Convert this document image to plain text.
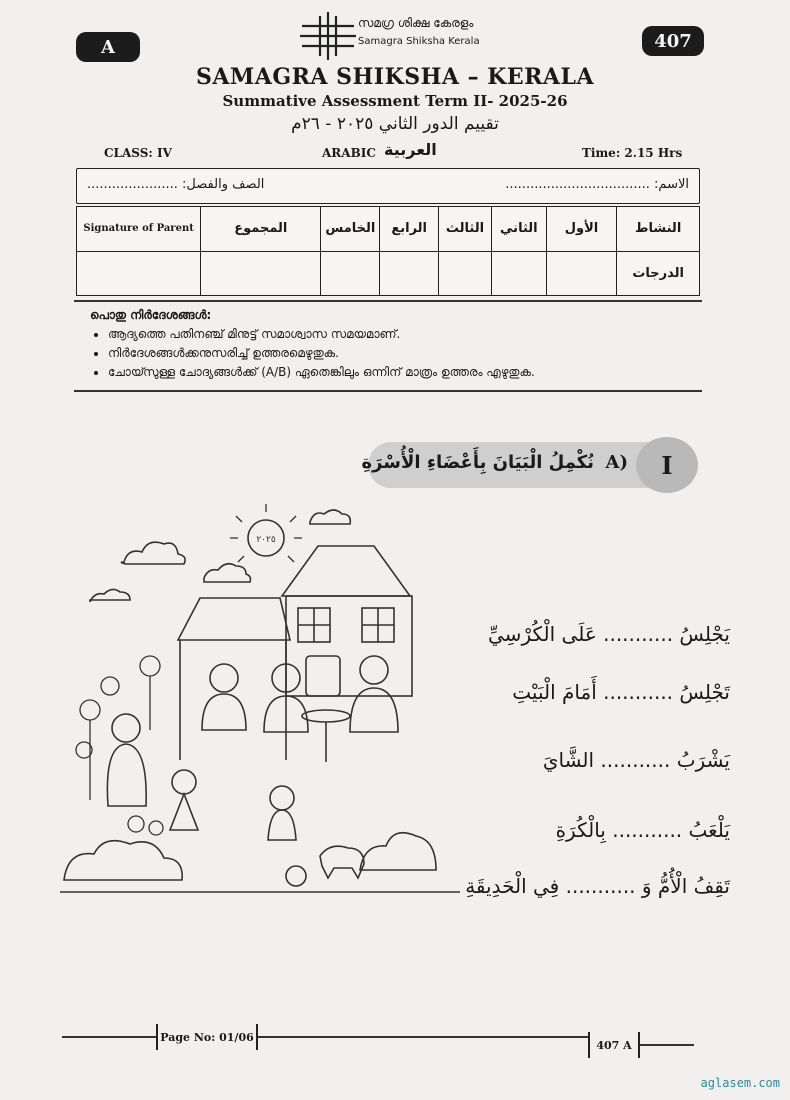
A	407
സമഗ്ര ശിക്ഷ കേരളം
Samagra Shiksha Kerala
SAMAGRA SHIKSHA – KERALA
Summative Assessment Term II- 2025-26
تقييم الدور الثاني ٢٠٢٥ - ٢٦م
CLASS: IV	ARABIC العربية	Time: 2.15 Hrs
الاسم: ...................................
الصف والفصل: ......................
Signature of Parent	المجموع	الخامس	الرابع	الثالث	الثاني	الأول	النشاط
							الدرجات
പൊതു നിർദേശങ്ങൾ:
• ആദ്യത്തെ പതിനഞ്ച് മിനുട്ട് സമാശ്വാസ സമയമാണ്.
• നിർദേശങ്ങൾക്കനുസരിച്ച് ഉത്തരമെഴുതുക.
• ചോയ്സുള്ള ചോദ്യങ്ങൾക്ക് (A/B) ഏതെങ്കിലും ഒന്നിന് മാത്രം ഉത്തരം എഴുതുക.
نُكْمِلُ الْبَيَانَ بِأَعْضَاءِ الْأُسْرَةِ A)	I
٢٠٢٥
يَجْلِسُ ........... عَلَى الْكُرْسِيِّ
تَجْلِسُ ........... أَمَامَ الْبَيْتِ
يَشْرَبُ ........... الشَّايَ
يَلْعَبُ ........... بِالْكُرَةِ
تَقِفُ الْأُمُّ وَ ........... فِي الْحَدِيقَةِ
Page No: 01/06
407 A
aglasem.com
